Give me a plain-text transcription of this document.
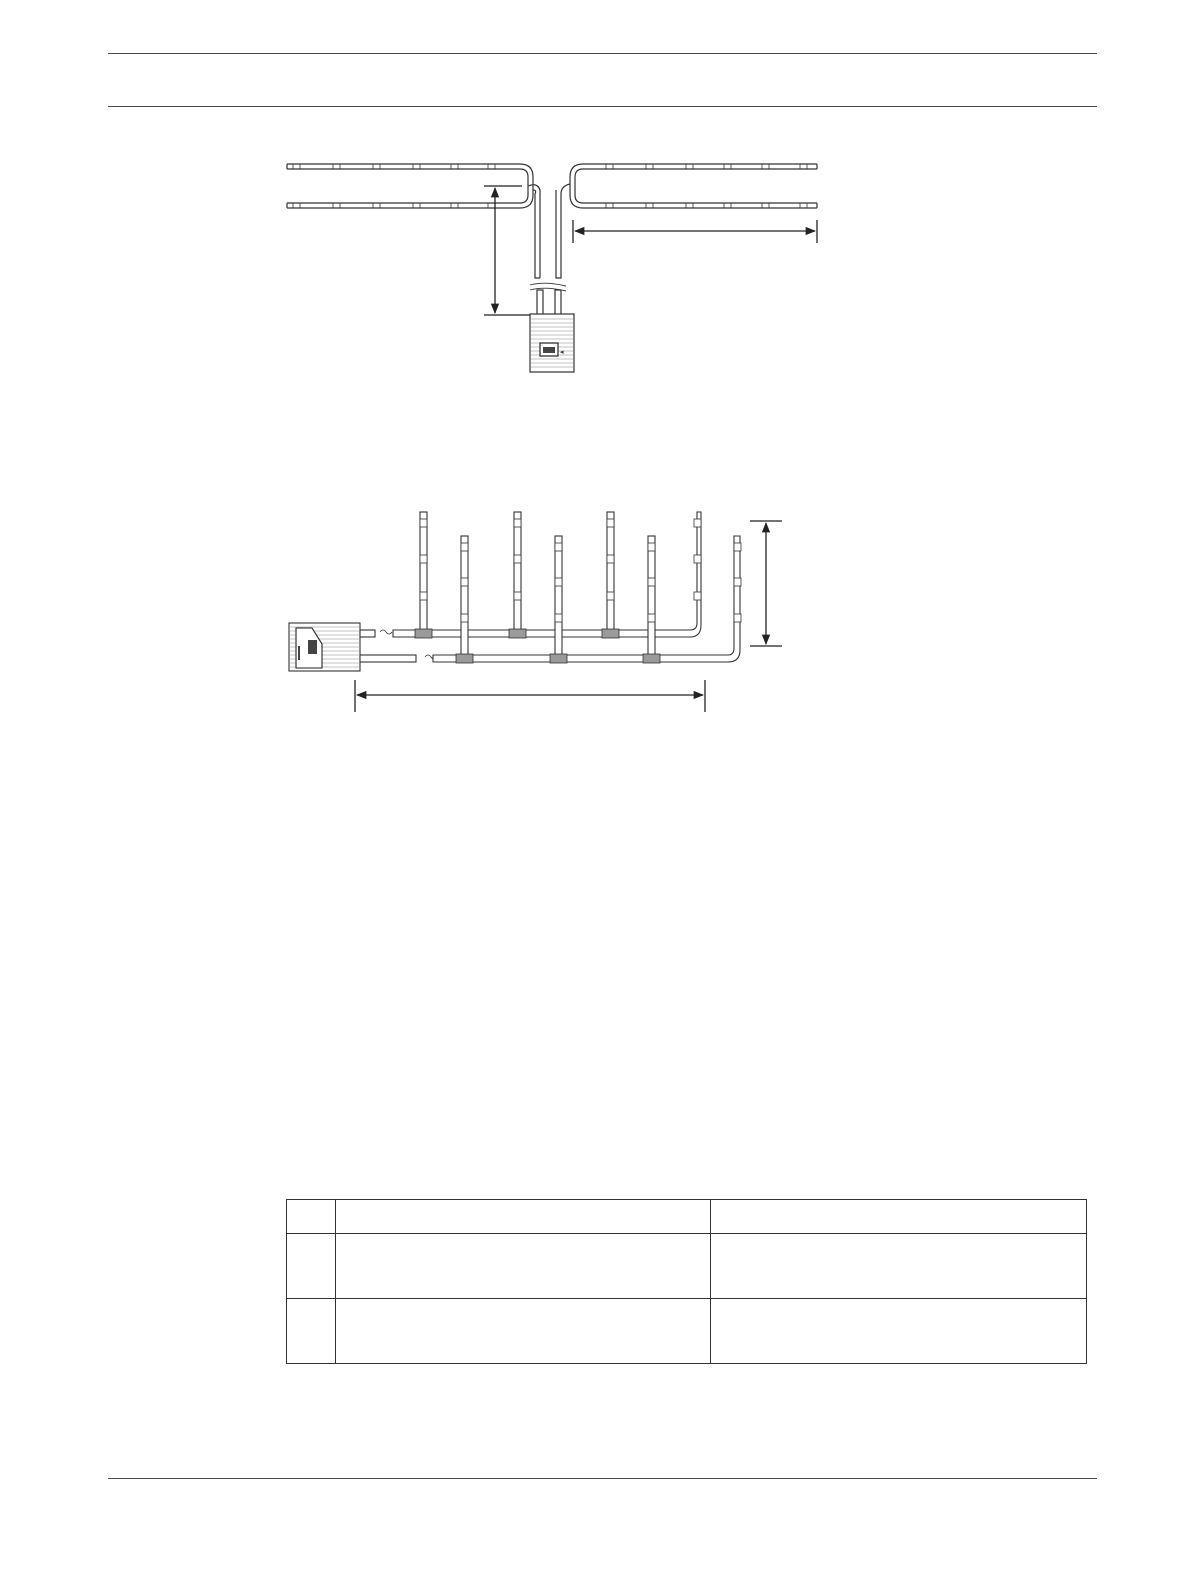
◂
